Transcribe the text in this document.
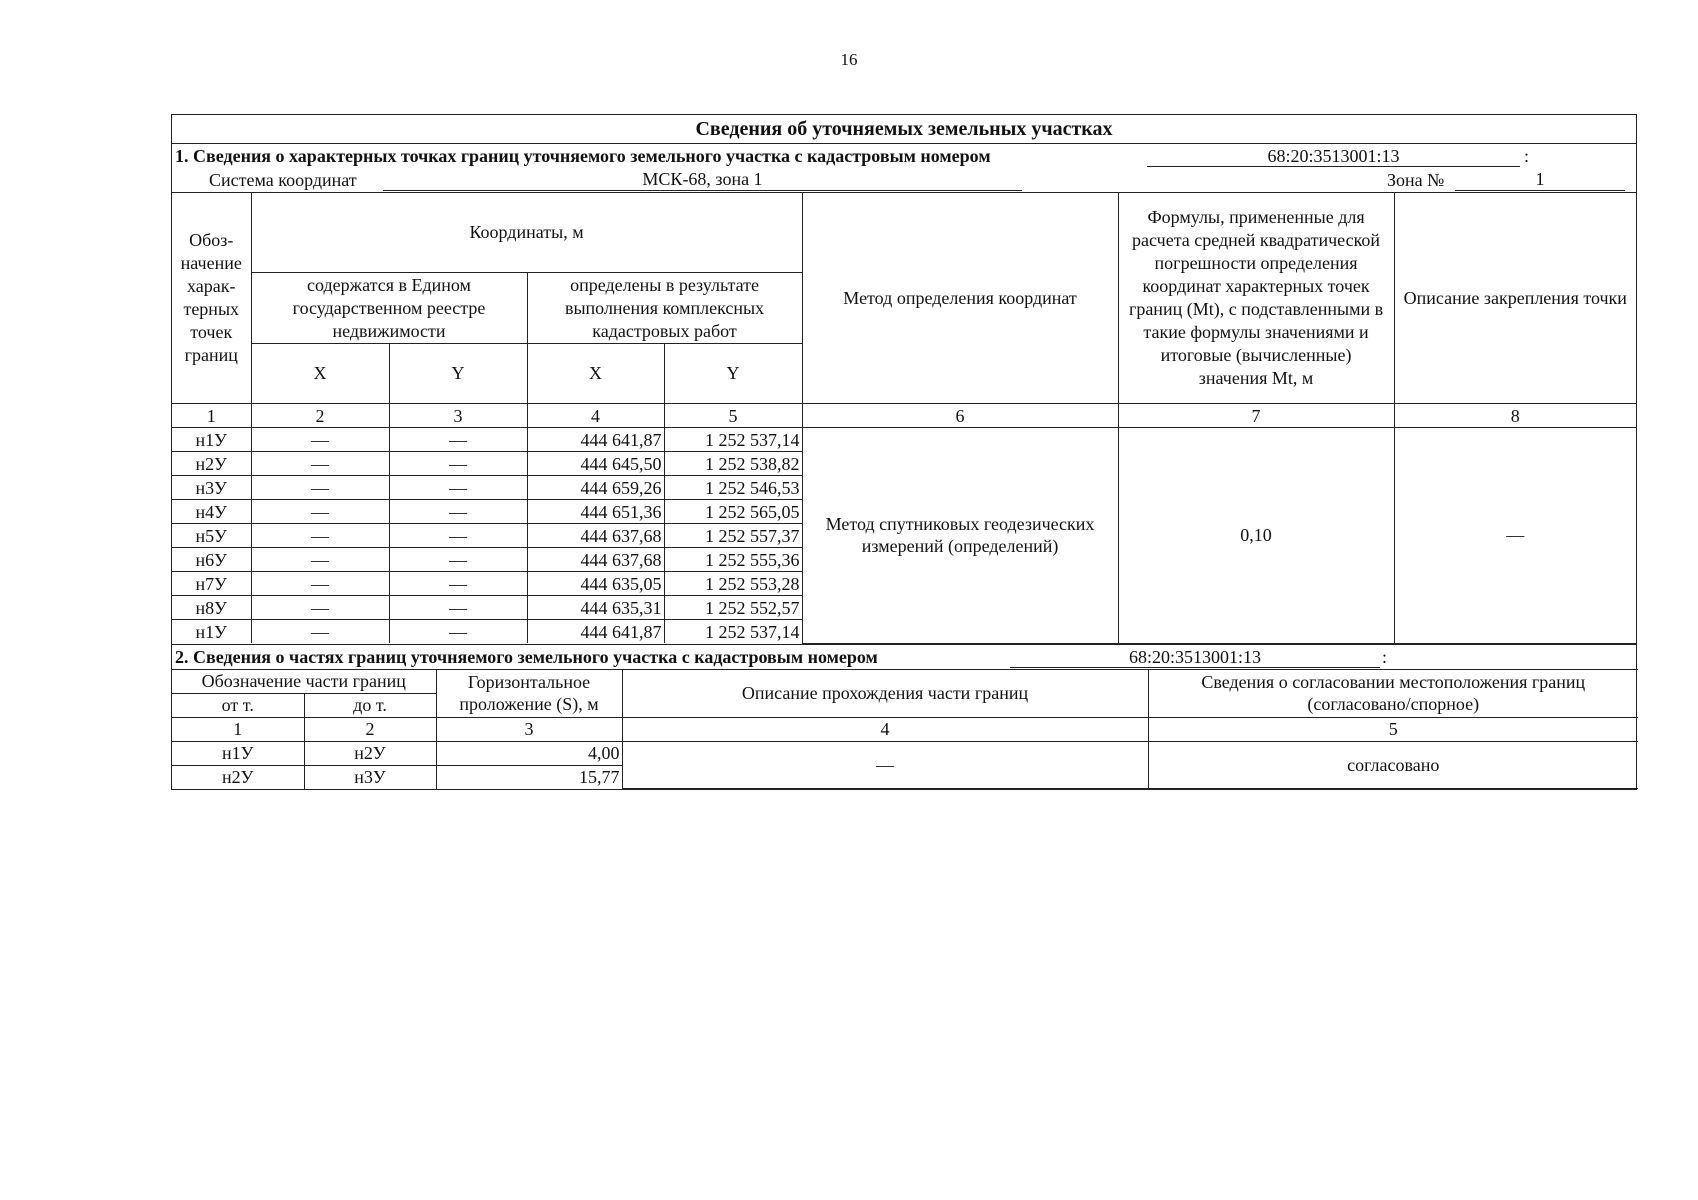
16
Сведения об уточняемых земельных участках
1. Сведения о характерных точках границ уточняемого земельного участка с кадастровым номером	68:20:3513001:13	:
Система координат	МСК-68, зона 1	Зона №	1
Обоз-начение харак-терных точек границ	Координаты, м				Метод определения координат	Формулы, примененные для расчета средней квадратической погрешности определения координат характерных точек границ (Mt), с подставленными в такие формулы значениями и итоговые (вычисленные) значения Mt, м	Описание закрепления точки
	содержатся в Едином государственном реестре недвижимости		определены в результате выполнения комплексных кадастровых работ				
	X	Y	X	Y			
1	2	3	4	5	6	7	8
н1У	—	—	444 641,87	1 252 537,14	Метод спутниковых геодезических измерений (определений)	0,10	—
н2У	—	—	444 645,50	1 252 538,82			
н3У	—	—	444 659,26	1 252 546,53			
н4У	—	—	444 651,36	1 252 565,05			
н5У	—	—	444 637,68	1 252 557,37			
н6У	—	—	444 637,68	1 252 555,36			
н7У	—	—	444 635,05	1 252 553,28			
н8У	—	—	444 635,31	1 252 552,57			
н1У	—	—	444 641,87	1 252 537,14			
2. Сведения о частях границ уточняемого земельного участка с кадастровым номером	68:20:3513001:13	:
Обозначение части границ		Горизонтальное проложение (S), м	Описание прохождения части границ	Сведения о согласовании местоположения границ (согласовано/спорное)
от т.	до т.			
1	2	3	4	5
н1У	н2У	4,00	—	согласовано
н2У	н3У	15,77		
